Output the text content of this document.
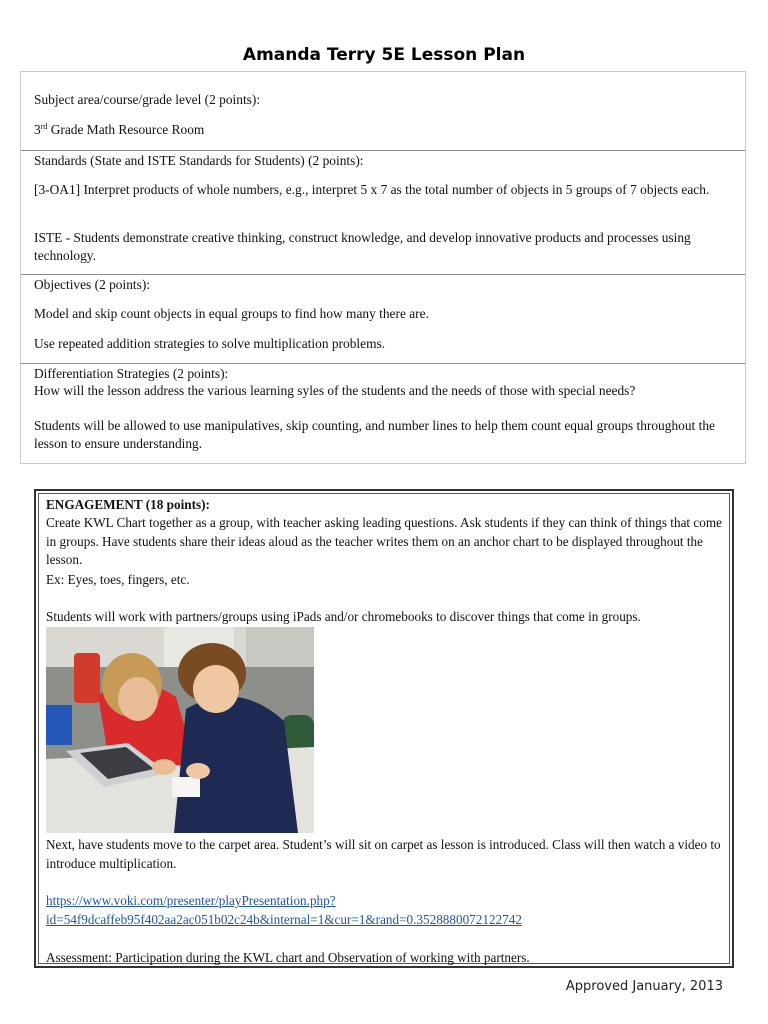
Amanda Terry 5E Lesson Plan
Subject area/course/grade level (2 points):
3rd Grade Math Resource Room
Standards (State and ISTE Standards for Students) (2 points):
[3-OA1] Interpret products of whole numbers, e.g., interpret 5 x 7 as the total number of objects in 5 groups of 7 objects each.
ISTE - Students demonstrate creative thinking, construct knowledge, and develop innovative products and processes using technology.
Objectives (2 points):
Model and skip count objects in equal groups to find how many there are.
Use repeated addition strategies to solve multiplication problems.
Differentiation Strategies (2 points):
How will the lesson address the various learning syles of the students and the needs of those with special needs?
Students will be allowed to use manipulatives, skip counting, and number lines to help them count equal groups throughout the lesson to ensure understanding.
ENGAGEMENT (18 points):
Create KWL Chart together as a group, with teacher asking leading questions. Ask students if they can think of things that come in groups. Have students share their ideas aloud as the teacher writes them on an anchor chart to be displayed throughout the lesson.
Ex: Eyes, toes, fingers, etc.
Students will work with partners/groups using iPads and/or chromebooks to discover things that come in groups.
Next, have students move to the carpet area. Student’s will sit on carpet as lesson is introduced. Class will then watch a video to introduce multiplication.
https://www.voki.com/presenter/playPresentation.php?
id=54f9dcaffeb95f402aa2ac051b02c24b&internal=1&cur=1&rand=0.3528880072122742
Assessment: Participation during the KWL chart and Observation of working with partners.
Approved January, 2013
